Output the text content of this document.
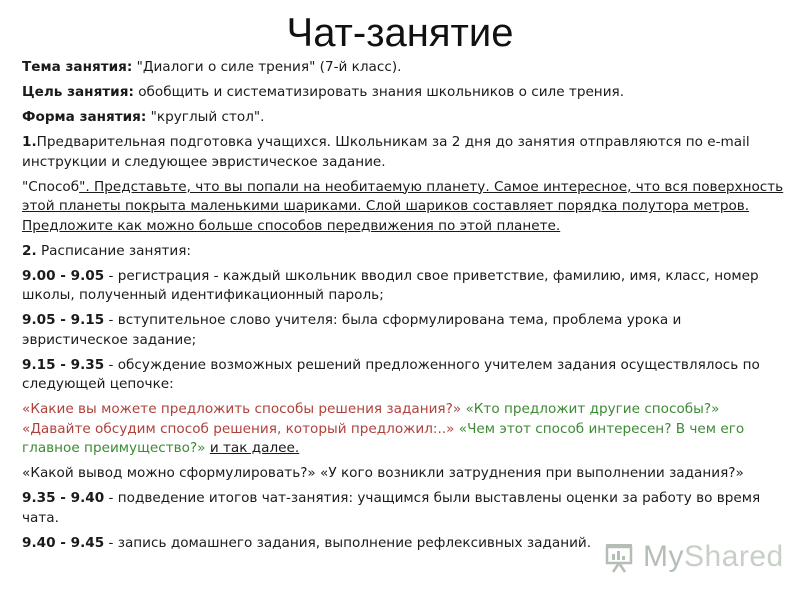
Чат-занятие

Тема занятия: "Диалоги о силе трения" (7-й класс).

Цель занятия: обобщить и систематизировать знания школьников о силе трения.

Форма занятия: "круглый стол".

1.Предварительная подготовка учащихся. Школьникам за 2 дня до занятия отправляются по e-mail инструкции и следующее эвристическое задание.

"Способ". Представьте, что вы попали на необитаемую планету. Самое интересное, что вся поверхность этой планеты покрыта маленькими шариками. Слой шариков составляет порядка полутора метров. Предложите как можно больше способов передвижения по этой планете.

2. Расписание занятия:

9.00 - 9.05 - регистрация - каждый школьник вводил свое приветствие, фамилию, имя, класс, номер школы, полученный идентификационный пароль;

9.05 - 9.15 - вступительное слово учителя: была сформулирована тема, проблема урока и эвристическое задание;

9.15 - 9.35 - обсуждение возможных решений предложенного учителем задания осуществлялось по следующей цепочке:

«Какие вы можете предложить способы решения задания?» «Кто предложит другие способы?» «Давайте обсудим способ решения, который предложил:..» «Чем этот способ интересен? В чем его главное преимущество?» и так далее.

«Какой вывод можно сформулировать?» «У кого возникли затруднения при выполнении задания?»

9.35 - 9.40 - подведение итогов чат-занятия: учащимся были выставлены оценки за работу во время чата.

9.40 - 9.45 - запись домашнего задания, выполнение рефлексивных заданий.	MyShared
